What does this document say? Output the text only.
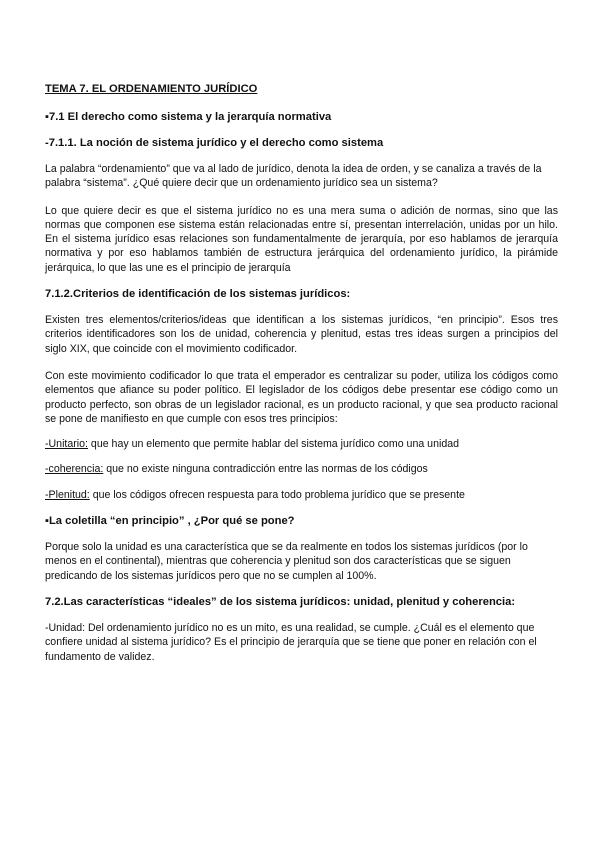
TEMA 7. EL ORDENAMIENTO JURÍDICO

▪7.1 El derecho como sistema y la jerarquía normativa

-7.1.1. La noción de sistema jurídico y el derecho como sistema

La palabra “ordenamiento” que va al lado de jurídico, denota la idea de orden, y se canaliza a través de la palabra “sistema”. ¿Qué quiere decir que un ordenamiento jurídico sea un sistema?

Lo que quiere decir es que el sistema jurídico no es una mera suma o adición de normas, sino que las normas que componen ese sistema están relacionadas entre sí, presentan interrelación, unidas por un hilo. En el sistema jurídico esas relaciones son fundamentalmente de jerarquía, por eso hablamos de jerarquía normativa y por eso hablamos también de estructura jerárquica del ordenamiento jurídico, la pirámide jerárquica, lo que las une es el principio de jerarquía

7.1.2.Criterios de identificación de los sistemas jurídicos:

Existen tres elementos/criterios/ideas que identifican a los sistemas jurídicos, “en principio”. Esos tres criterios identificadores son los de unidad, coherencia y plenitud, estas tres ideas surgen a principios del siglo XIX, que coincide con el movimiento codificador.

Con este movimiento codificador lo que trata el emperador es centralizar su poder, utiliza los códigos como elementos que afiance su poder político. El legislador de los códigos debe presentar ese código como un producto perfecto, son obras de un legislador racional, es un producto racional, y que sea producto racional se pone de manifiesto en que cumple con esos tres principios:

-Unitario: que hay un elemento que permite hablar del sistema jurídico como una unidad

-coherencia: que no existe ninguna contradicción entre las normas de los códigos

-Plenitud: que los códigos ofrecen respuesta para todo problema jurídico que se presente

▪La coletilla “en principio” , ¿Por qué se pone?

Porque solo la unidad es una característica que se da realmente en todos los sistemas jurídicos (por lo menos en el continental), mientras que coherencia y plenitud son dos características que se siguen predicando de los sistemas jurídicos pero que no se cumplen al 100%.

7.2.Las características “ideales” de los sistema jurídicos: unidad, plenitud y coherencia:

-Unidad: Del ordenamiento jurídico no es un mito, es una realidad, se cumple. ¿Cuál es el elemento que confiere unidad al sistema jurídico? Es el principio de jerarquía que se tiene que poner en relación con el fundamento de validez.
